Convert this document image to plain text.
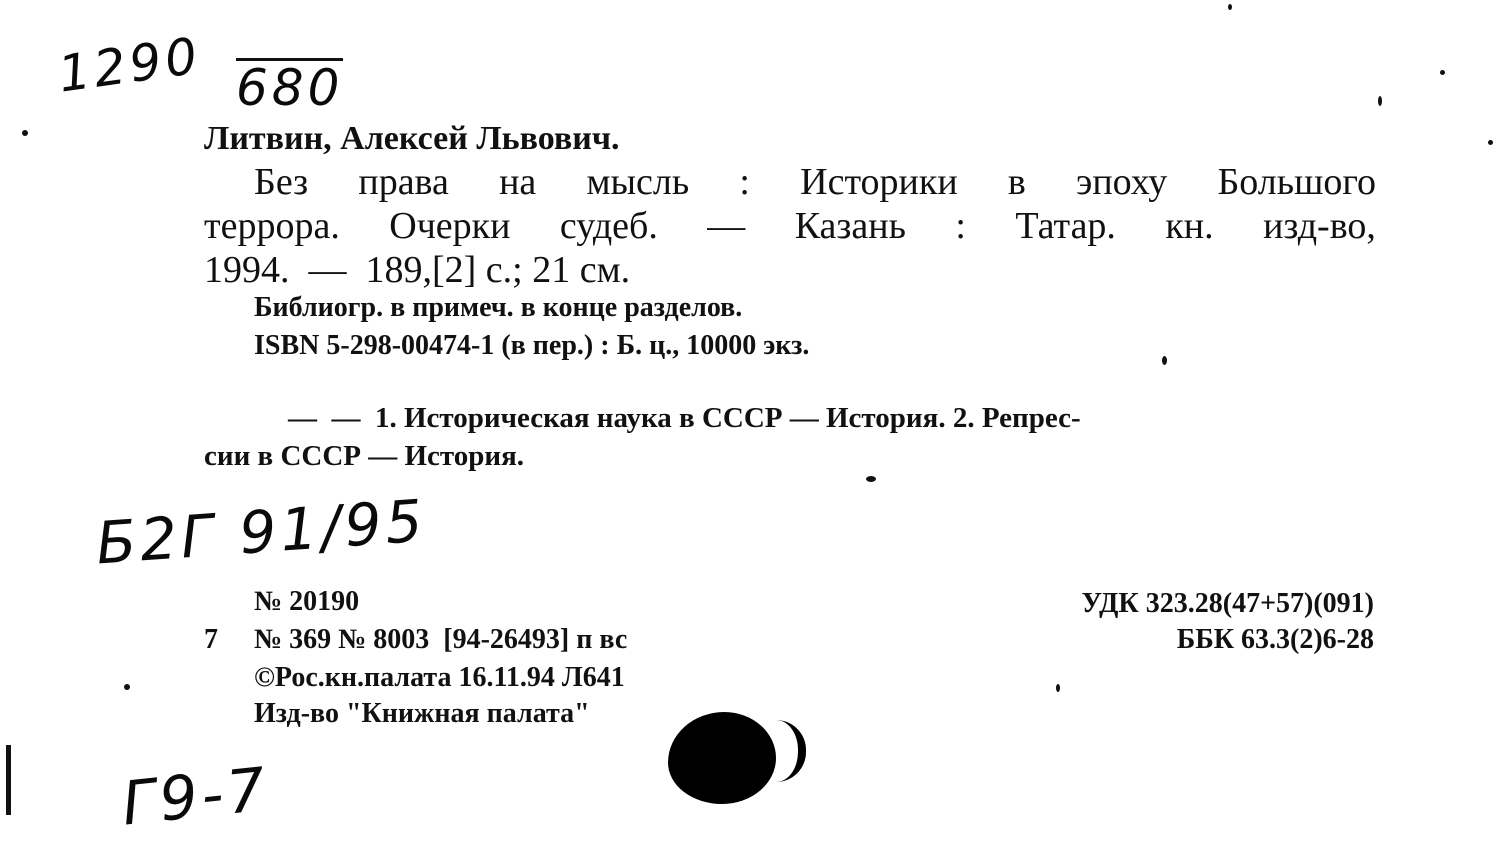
1290 680
Литвин, Алексей Львович.
Без права на мысль : Историки в эпоху Большого
террора. Очерки судеб. — Казань : Татар. кн. изд-во,
1994.  —  189,[2] с.; 21 см.
Библиогр. в примеч. в конце разделов.
ISBN 5-298-00474-1 (в пер.) : Б. ц., 10000 экз.
—  —  1. Историческая наука в СССР — История. 2. Репрес-
сии в СССР — История.
Б2Г 91/95
№ 20190
7 № 369 № 8003  [94-26493] п вс
©Рос.кн.палата 16.11.94 Л641
Изд-во "Книжная палата"
УДК 323.28(47+57)(091)
ББК 63.3(2)6-28
Г9-7
